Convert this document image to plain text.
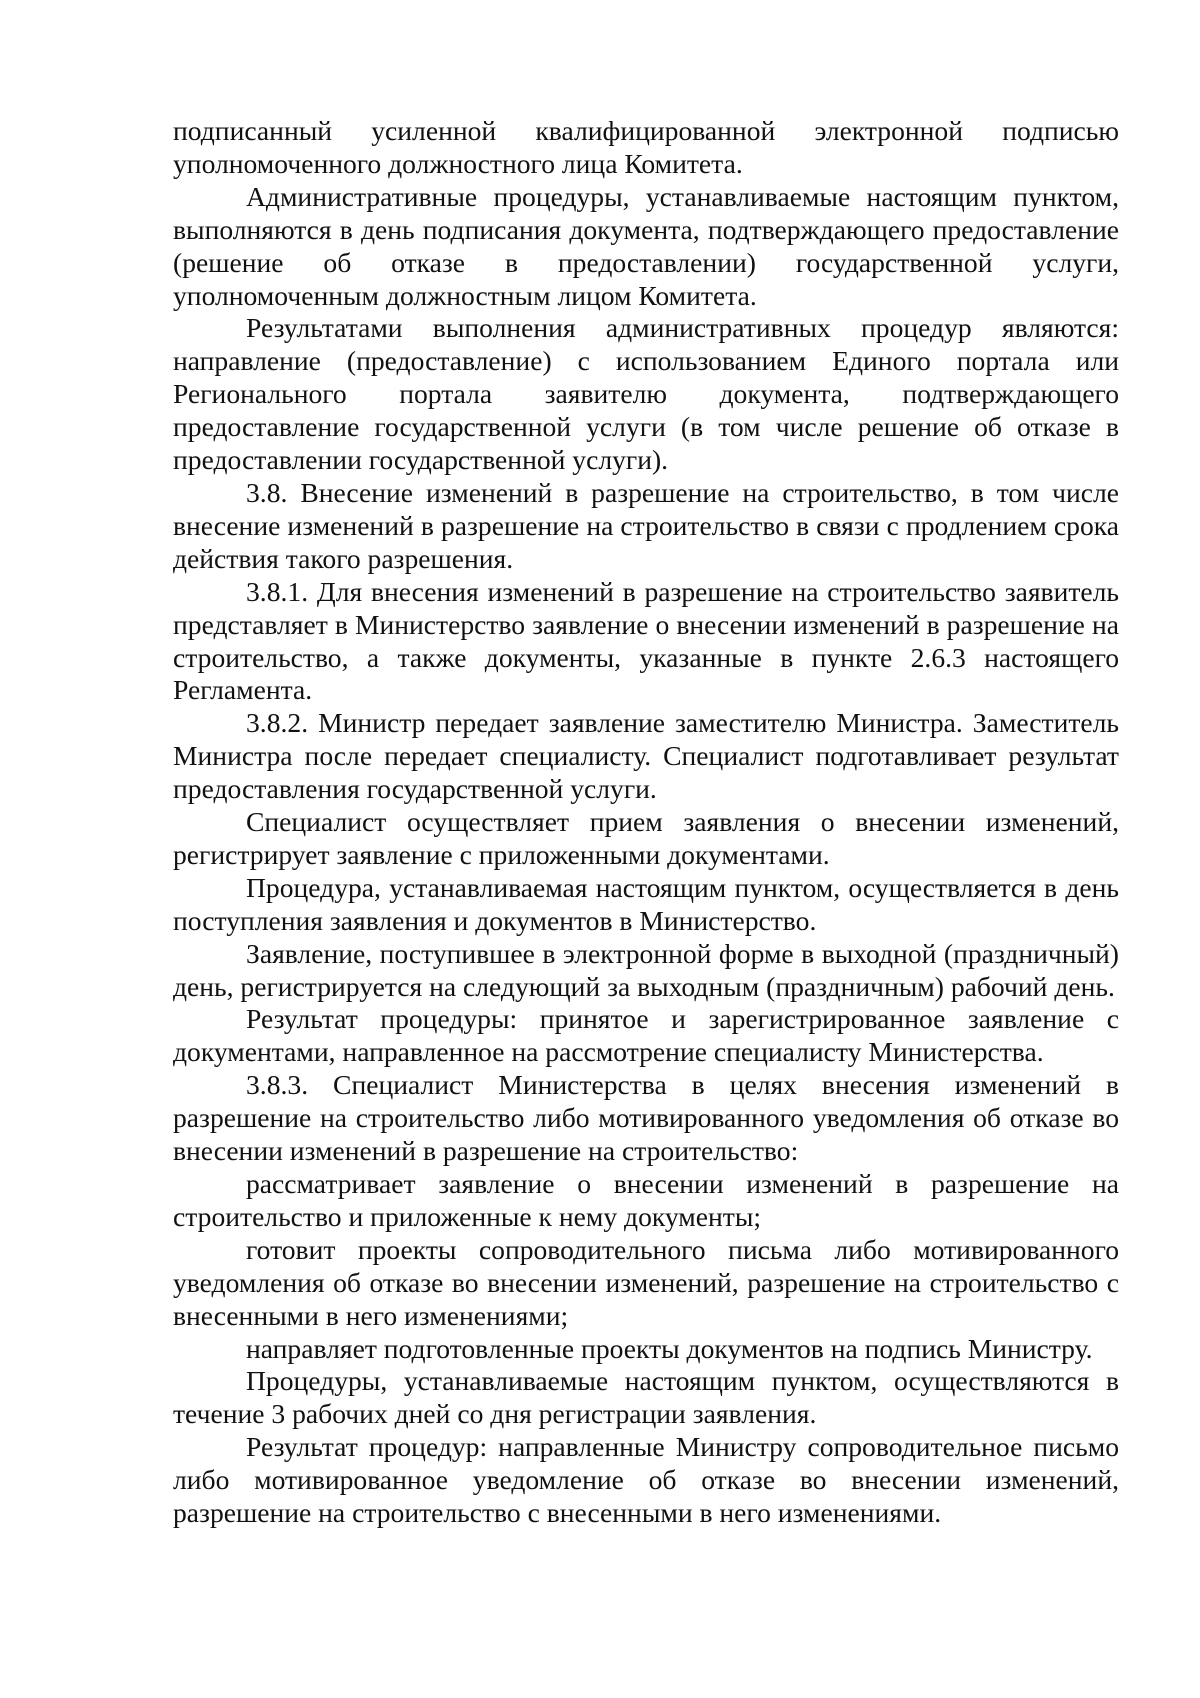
подписанный усиленной квалифицированной электронной подписью уполномоченного должностного лица Комитета.

Административные процедуры, устанавливаемые настоящим пунктом, выполняются в день подписания документа, подтверждающего предоставление (решение об отказе в предоставлении) государственной услуги, уполномоченным должностным лицом Комитета.

Результатами выполнения административных процедур являются: направление (предоставление) с использованием Единого портала или Регионального портала заявителю документа, подтверждающего предоставление государственной услуги (в том числе решение об отказе в предоставлении государственной услуги).

3.8. Внесение изменений в разрешение на строительство, в том числе внесение изменений в разрешение на строительство в связи с продлением срока действия такого разрешения.

3.8.1. Для внесения изменений в разрешение на строительство заявитель представляет в Министерство заявление о внесении изменений в разрешение на строительство, а также документы, указанные в пункте 2.6.3 настоящего Регламента.

3.8.2. Министр передает заявление заместителю Министра. Заместитель Министра после передает специалисту. Специалист подготавливает результат предоставления государственной услуги.

Специалист осуществляет прием заявления о внесении изменений, регистрирует заявление с приложенными документами.

Процедура, устанавливаемая настоящим пунктом, осуществляется в день поступления заявления и документов в Министерство.

Заявление, поступившее в электронной форме в выходной (праздничный) день, регистрируется на следующий за выходным (праздничным) рабочий день.

Результат процедуры: принятое и зарегистрированное заявление с документами, направленное на рассмотрение специалисту Министерства.

3.8.3. Специалист Министерства в целях внесения изменений в разрешение на строительство либо мотивированного уведомления об отказе во внесении изменений в разрешение на строительство:

рассматривает заявление о внесении изменений в разрешение на строительство и приложенные к нему документы;

готовит проекты сопроводительного письма либо мотивированного уведомления об отказе во внесении изменений, разрешение на строительство с внесенными в него изменениями;

направляет подготовленные проекты документов на подпись Министру.

Процедуры, устанавливаемые настоящим пунктом, осуществляются в течение 3 рабочих дней со дня регистрации заявления.

Результат процедур: направленные Министру сопроводительное письмо либо мотивированное уведомление об отказе во внесении изменений, разрешение на строительство с внесенными в него изменениями.
